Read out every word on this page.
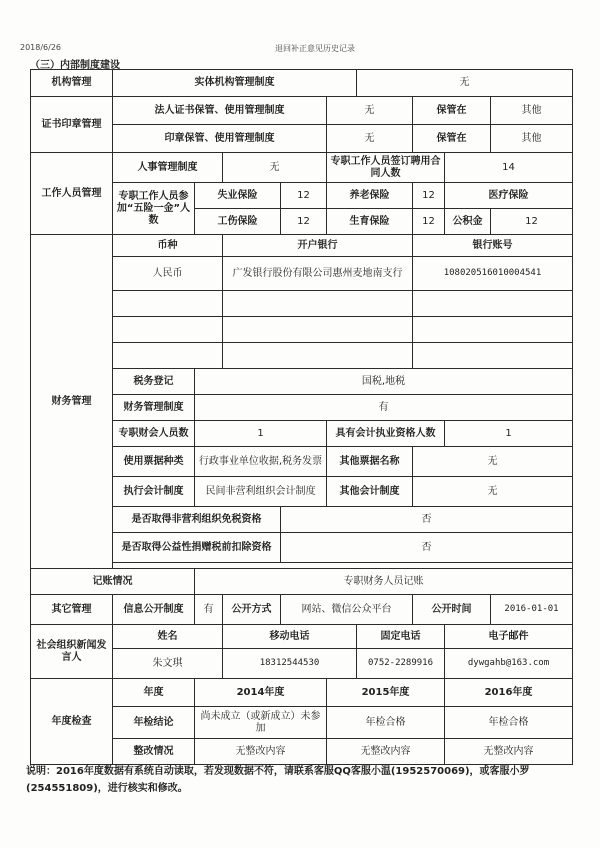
2018/6/26	退回补正意见历史记录
（三）内部制度建设
机构管理	实体机构管理制度					无			
证书印章管理	法人证书保管、使用管理制度				无		保管在		其他
	印章保管、使用管理制度				无		保管在		其他
工作人员管理	人事管理制度		无		专职工作人员签订聘用合同人数			14	
	专职工作人员参加“五险一金”人数	失业保险		12	养老保险		12	医疗保险	
		工伤保险		12	生育保险		12	公积金	12
财务管理	币种		开户银行				银行账号		
	人民币		广发银行股份有限公司惠州麦地南支行				108020516010004541		

	税务登记	国税,地税							
	财务管理制度	有							
	专职财会人员数	1			具有会计执业资格人数			1	
	使用票据种类	行政事业单位收据,税务发票			其他票据名称		无		
	执行会计制度	民间非营利组织会计制度			其他会计制度		无		
	是否取得非营利组织免税资格			否					
	是否取得公益性捐赠税前扣除资格			否					

记账情况		专职财务人员记账							
其它管理	信息公开制度	有	公开方式	网站、微信公众平台			公开时间		2016-01-01
社会组织新闻发言人	姓名		移动电话			固定电话		电子邮件	
	朱文琪		18312544530			0752-2289916		dywgahb@163.com	
年度检查	年度	2014年度			2015年度			2016年度	
	年检结论	尚未成立（或新成立）未参加			年检合格			年检合格	
	整改情况	无整改内容			无整改内容			无整改内容	
说明：2016年度数据有系统自动读取，若发现数据不符，请联系客服QQ客服小温(1952570069)，或客服小罗(254551809)，进行核实和修改。
